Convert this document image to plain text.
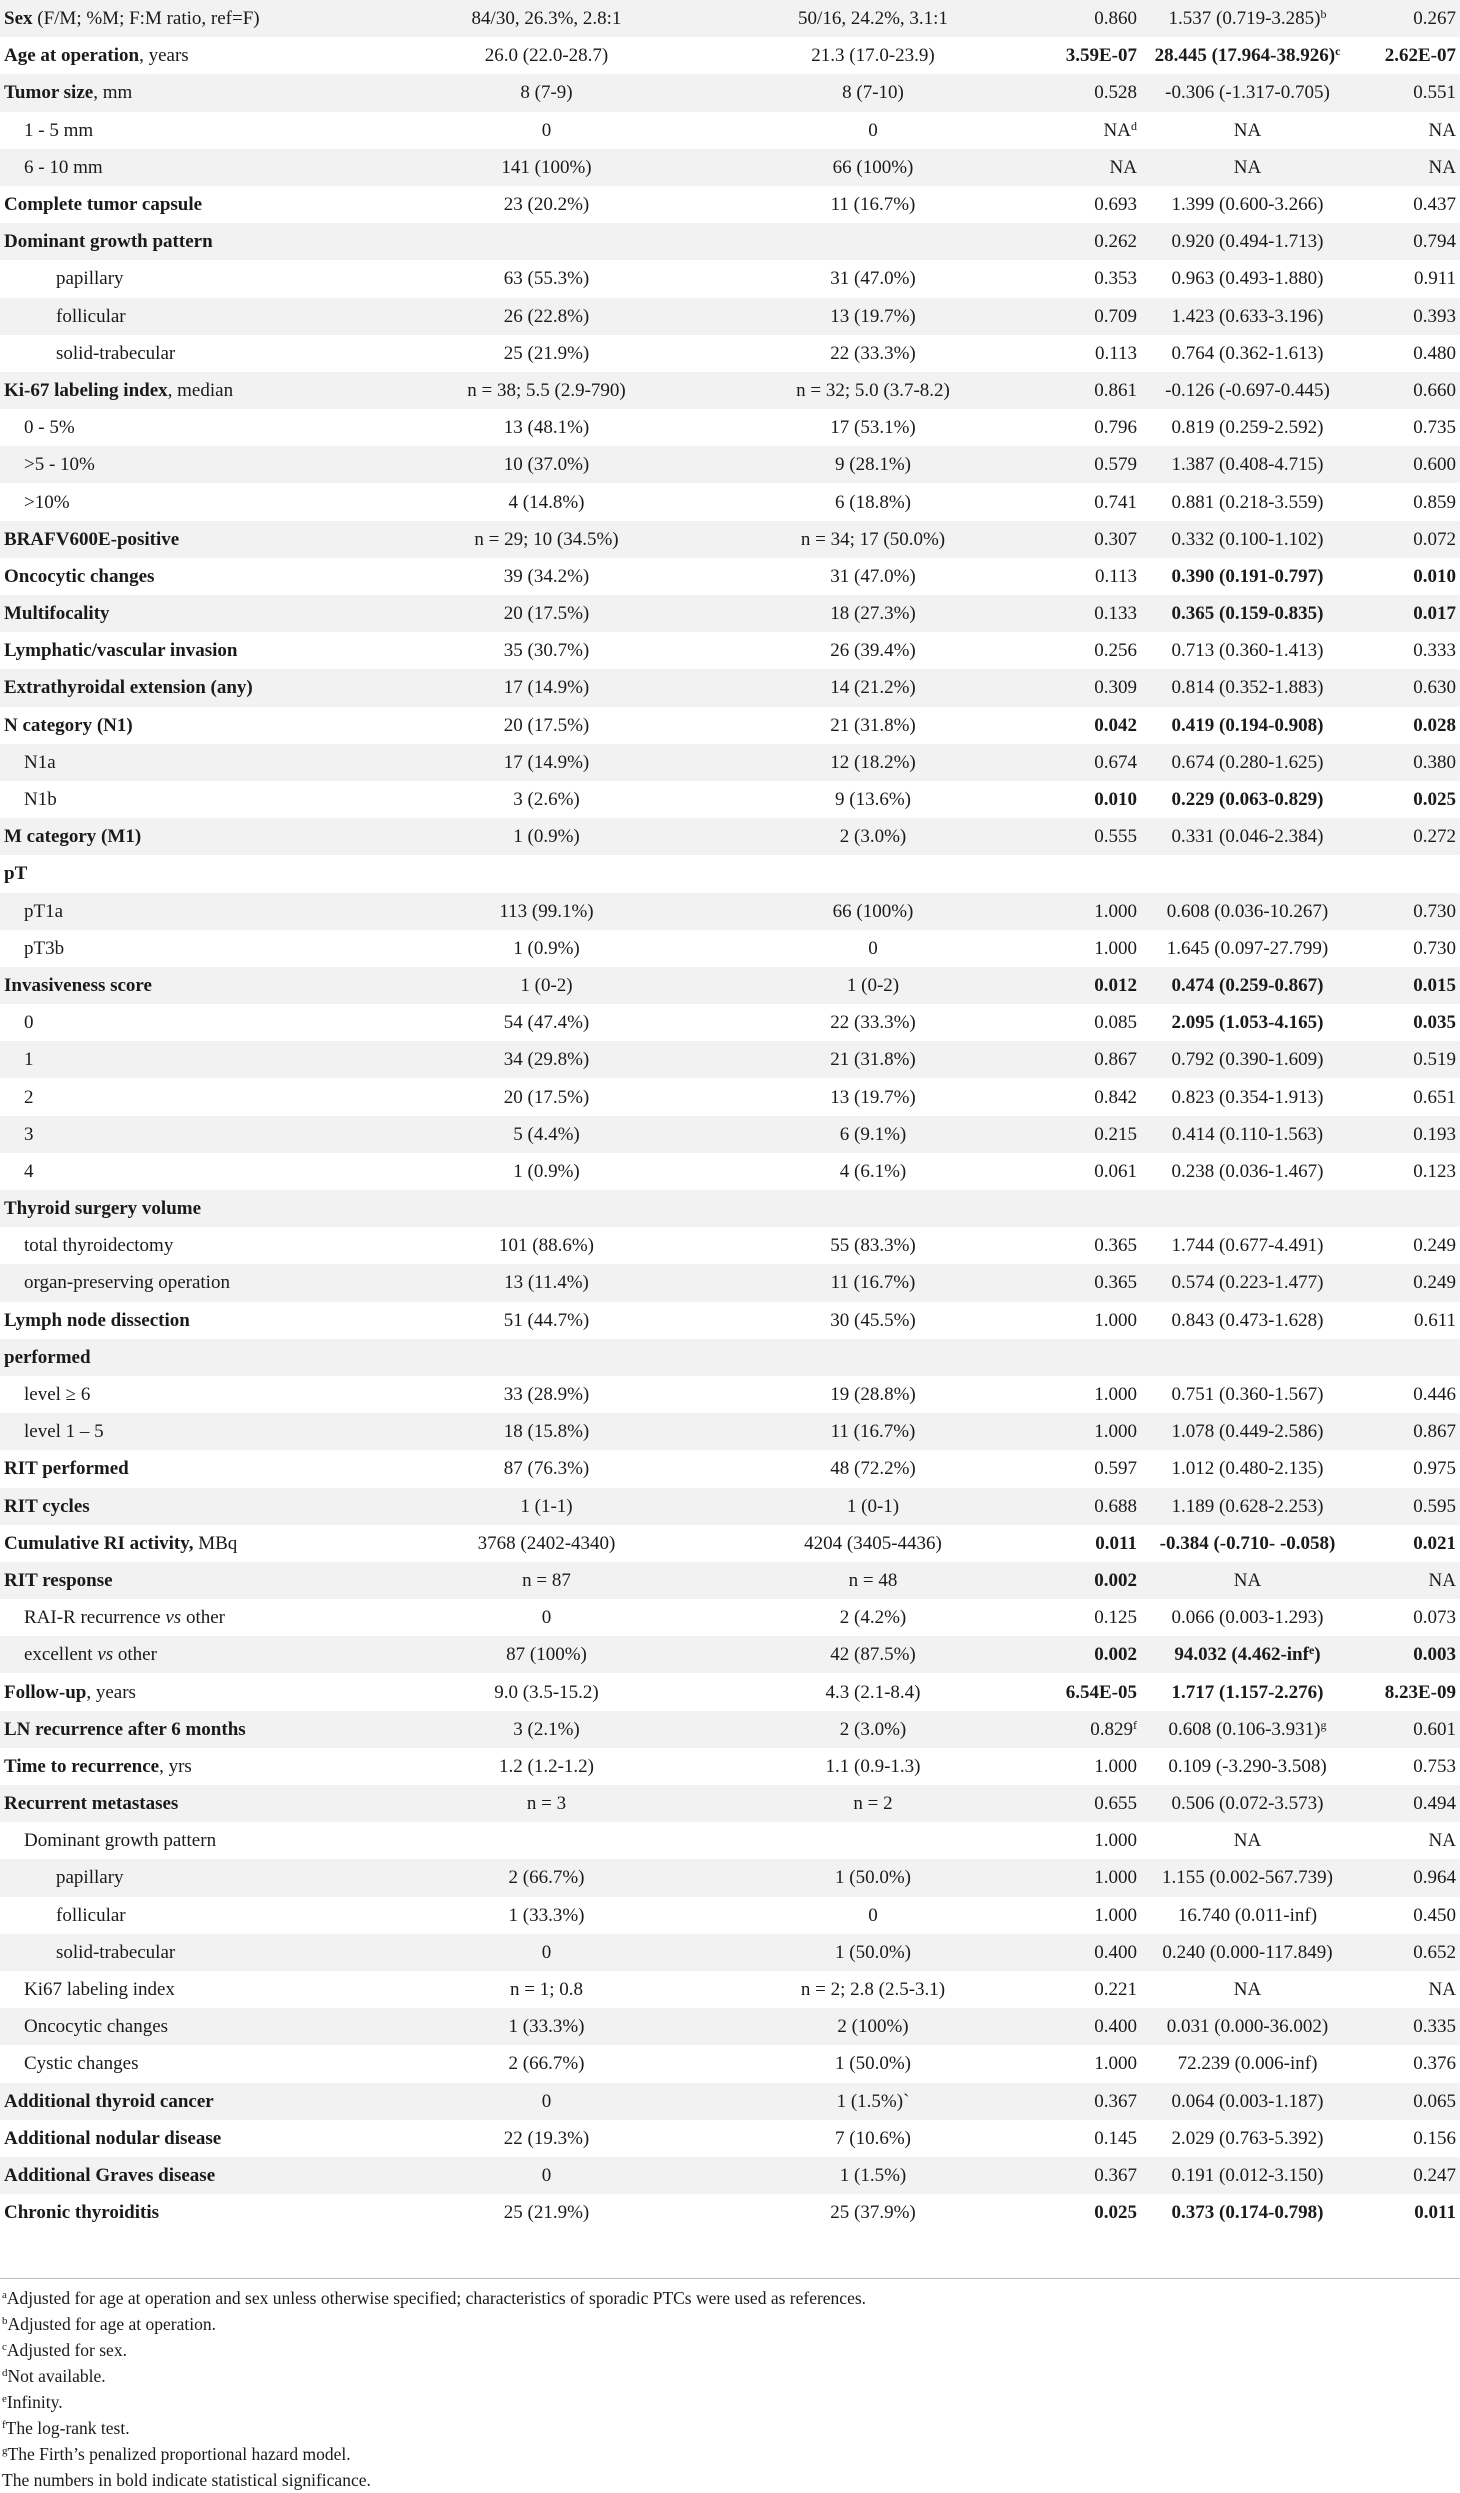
Sex (F/M; %M; F:M ratio, ref=F)	84/30, 26.3%, 2.8:1	50/16, 24.2%, 3.1:1	0.860	1.537 $(0.719-3.285)^b$	0.267
Age at operation, years	26.0 (22.0-28.7)	21.3 (17.0-23.9)	3.59E-07	28.445 $(17.964-38.926)^c$	2.62E-07
Tumor size, mm	8 (7-9)	8 (7-10)	0.528	-0.306 (-1.317-0.705)	0.551
1 - 5 mm	0	0	$NA^d$	NA	NA
6 - 10 mm	141 (100%)	66 (100%)	NA	NA	NA
Complete tumor capsule	23 (20.2%)	11 (16.7%)	0.693	1.399 (0.600-3.266)	0.437
Dominant growth pattern			0.262	0.920 (0.494-1.713)	0.794
papillary	63 (55.3%)	31 (47.0%)	0.353	0.963 (0.493-1.880)	0.911
follicular	26 (22.8%)	13 (19.7%)	0.709	1.423 (0.633-3.196)	0.393
solid-trabecular	25 (21.9%)	22 (33.3%)	0.113	0.764 (0.362-1.613)	0.480
Ki-67 labeling index, median	n = 38; 5.5 (2.9-790)	n = 32; 5.0 (3.7-8.2)	0.861	-0.126 (-0.697-0.445)	0.660
0 - 5%	13 (48.1%)	17 (53.1%)	0.796	0.819 (0.259-2.592)	0.735
>5 - 10%	10 (37.0%)	9 (28.1%)	0.579	1.387 (0.408-4.715)	0.600
>10%	4 (14.8%)	6 (18.8%)	0.741	0.881 (0.218-3.559)	0.859
BRAFV600E-positive	n = 29; 10 (34.5%)	n = 34; 17 (50.0%)	0.307	0.332 (0.100-1.102)	0.072
Oncocytic changes	39 (34.2%)	31 (47.0%)	0.113	0.390 (0.191-0.797)	0.010
Multifocality	20 (17.5%)	18 (27.3%)	0.133	0.365 (0.159-0.835)	0.017
Lymphatic/vascular invasion	35 (30.7%)	26 (39.4%)	0.256	0.713 (0.360-1.413)	0.333
Extrathyroidal extension (any)	17 (14.9%)	14 (21.2%)	0.309	0.814 (0.352-1.883)	0.630
N category (N1)	20 (17.5%)	21 (31.8%)	0.042	0.419 (0.194-0.908)	0.028
N1a	17 (14.9%)	12 (18.2%)	0.674	0.674 (0.280-1.625)	0.380
N1b	3 (2.6%)	9 (13.6%)	0.010	0.229 (0.063-0.829)	0.025
M category (M1)	1 (0.9%)	2 (3.0%)	0.555	0.331 (0.046-2.384)	0.272
pT					
pT1a	113 (99.1%)	66 (100%)	1.000	0.608 (0.036-10.267)	0.730
pT3b	1 (0.9%)	0	1.000	1.645 (0.097-27.799)	0.730
Invasiveness score	1 (0-2)	1 (0-2)	0.012	0.474 (0.259-0.867)	0.015
0	54 (47.4%)	22 (33.3%)	0.085	2.095 (1.053-4.165)	0.035
1	34 (29.8%)	21 (31.8%)	0.867	0.792 (0.390-1.609)	0.519
2	20 (17.5%)	13 (19.7%)	0.842	0.823 (0.354-1.913)	0.651
3	5 (4.4%)	6 (9.1%)	0.215	0.414 (0.110-1.563)	0.193
4	1 (0.9%)	4 (6.1%)	0.061	0.238 (0.036-1.467)	0.123
Thyroid surgery volume					
total thyroidectomy	101 (88.6%)	55 (83.3%)	0.365	1.744 (0.677-4.491)	0.249
organ-preserving operation	13 (11.4%)	11 (16.7%)	0.365	0.574 (0.223-1.477)	0.249
Lymph node dissection	51 (44.7%)	30 (45.5%)	1.000	0.843 (0.473-1.628)	0.611
performed					
level ≥ 6	33 (28.9%)	19 (28.8%)	1.000	0.751 (0.360-1.567)	0.446
level 1 – 5	18 (15.8%)	11 (16.7%)	1.000	1.078 (0.449-2.586)	0.867
RIT performed	87 (76.3%)	48 (72.2%)	0.597	1.012 (0.480-2.135)	0.975
RIT cycles	1 (1-1)	1 (0-1)	0.688	1.189 (0.628-2.253)	0.595
Cumulative RI activity, MBq	3768 (2402-4340)	4204 (3405-4436)	0.011	-0.384 (-0.710- -0.058)	0.021
RIT response	n = 87	n = 48	0.002	NA	NA
RAI-R recurrence vs other	0	2 (4.2%)	0.125	0.066 (0.003-1.293)	0.073
excellent vs other	87 (100%)	42 (87.5%)	0.002	94.032 (4.462-inf$^e$)	0.003
Follow-up, years	9.0 (3.5-15.2)	4.3 (2.1-8.4)	6.54E-05	1.717 (1.157-2.276)	8.23E-09
LN recurrence after 6 months	3 (2.1%)	2 (3.0%)	0.829$^f$	0.608 $(0.106-3.931)^g$	0.601
Time to recurrence, yrs	1.2 (1.2-1.2)	1.1 (0.9-1.3)	1.000	0.109 (-3.290-3.508)	0.753
Recurrent metastases	n = 3	n = 2	0.655	0.506 (0.072-3.573)	0.494
Dominant growth pattern			1.000	NA	NA
papillary	2 (66.7%)	1 (50.0%)	1.000	1.155 (0.002-567.739)	0.964
follicular	1 (33.3%)	0	1.000	16.740 (0.011-inf)	0.450
solid-trabecular	0	1 (50.0%)	0.400	0.240 (0.000-117.849)	0.652
Ki67 labeling index	n = 1; 0.8	n = 2; 2.8 (2.5-3.1)	0.221	NA	NA
Oncocytic changes	1 (33.3%)	2 (100%)	0.400	0.031 (0.000-36.002)	0.335
Cystic changes	2 (66.7%)	1 (50.0%)	1.000	72.239 (0.006-inf)	0.376
Additional thyroid cancer	0	1 (1.5%)`	0.367	0.064 (0.003-1.187)	0.065
Additional nodular disease	22 (19.3%)	7 (10.6%)	0.145	2.029 (0.763-5.392)	0.156
Additional Graves disease	0	1 (1.5%)	0.367	0.191 (0.012-3.150)	0.247
Chronic thyroiditis	25 (21.9%)	25 (37.9%)	0.025	0.373 (0.174-0.798)	0.011
$^a$Adjusted for age at operation and sex unless otherwise specified; characteristics of sporadic PTCs were used as references.
$^b$Adjusted for age at operation.
$^c$Adjusted for sex.
$^d$Not available.
$^e$Infinity.
$^f$The log-rank test.
$^g$The Firth’s penalized proportional hazard model.
The numbers in bold indicate statistical significance.
